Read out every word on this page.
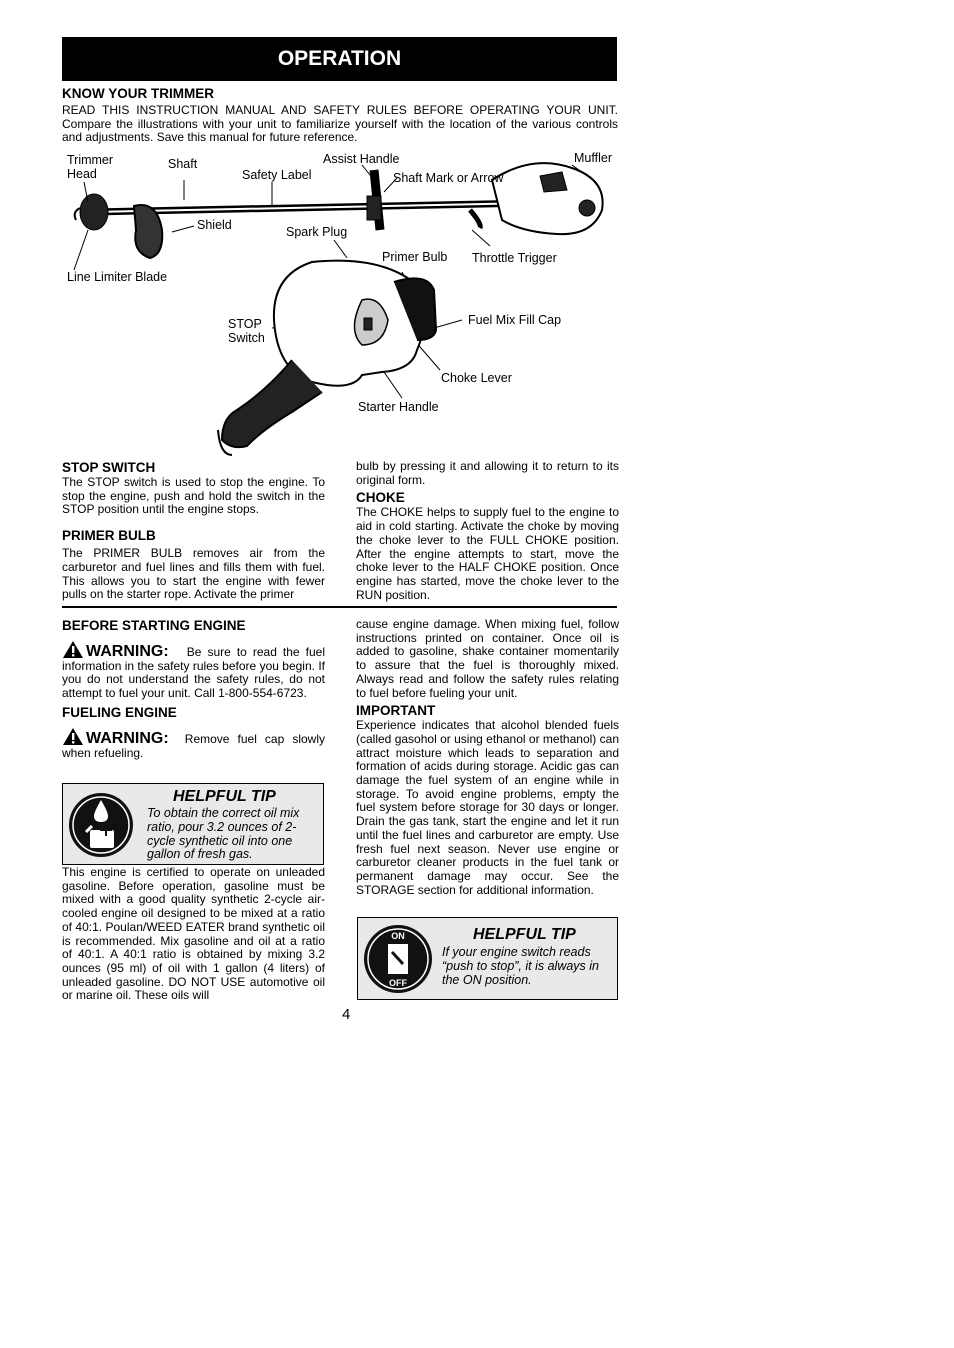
OPERATION
KNOW YOUR TRIMMER
READ THIS INSTRUCTION MANUAL AND SAFETY RULES BEFORE OPERATING YOUR UNIT. Compare the illustrations with your unit to familiarize yourself with the location of the various controls and adjustments. Save this manual for future reference.
Trimmer
Head
Shaft
Safety Label
Assist Handle
Shaft Mark or Arrow
Muffler
Shield	Spark Plug
Throttle Trigger
Line Limiter Blade
Primer Bulb
Fuel Mix Fill Cap
STOP
Switch
Choke Lever
Starter Handle
STOP SWITCH
The STOP switch is used to stop the engine. To stop the engine, push and hold the switch in the STOP position until the engine stops.
PRIMER BULB
The PRIMER BULB removes air from the carburetor and fuel lines and fills them with fuel. This allows you to start the engine with fewer pulls on the starter rope. Activate the primer
bulb by pressing it and allowing it to return to its original form.
CHOKE
The CHOKE helps to supply fuel to the engine to aid in cold starting. Activate the choke by moving the choke lever to the FULL CHOKE position. After the engine attempts to start, move the choke lever to the HALF CHOKE position. Once engine has started, move the choke lever to the RUN position.
BEFORE STARTING ENGINE
WARNING: Be sure to read the fuel information in the safety rules before you begin. If you do not understand the safety rules, do not attempt to fuel your unit. Call 1-800-554-6723.
FUELING ENGINE
WARNING: Remove fuel cap slowly when refueling.
HELPFUL TIP
To obtain the correct oil mix ratio, pour 3.2 ounces of 2-cycle synthetic oil into one gallon of fresh gas.
This engine is certified to operate on unleaded gasoline. Before operation, gasoline must be mixed with a good quality synthetic 2-cycle air-cooled engine oil designed to be mixed at a ratio of 40:1. Poulan/WEED EATER brand synthetic oil is recommended. Mix gasoline and oil at a ratio of 40:1. A 40:1 ratio is obtained by mixing 3.2 ounces (95 ml) of oil with 1 gallon (4 liters) of unleaded gasoline. DO NOT USE automotive oil or marine oil. These oils will
cause engine damage. When mixing fuel, follow instructions printed on container. Once oil is added to gasoline, shake container momentarily to assure that the fuel is thoroughly mixed. Always read and follow the safety rules relating to fuel before fueling your unit.
IMPORTANT
Experience indicates that alcohol blended fuels (called gasohol or using ethanol or methanol) can attract moisture which leads to separation and formation of acids during storage. Acidic gas can damage the fuel system of an engine while in storage. To avoid engine problems, empty the fuel system before storage for 30 days or longer. Drain the gas tank, start the engine and let it run until the fuel lines and carburetor are empty. Use fresh fuel next season. Never use engine or carburetor cleaner products in the fuel tank or permanent damage may occur. See the STORAGE section for additional information.
ON
OFF
HELPFUL TIP
If your engine switch reads “push to stop”, it is always in the ON position.
4
